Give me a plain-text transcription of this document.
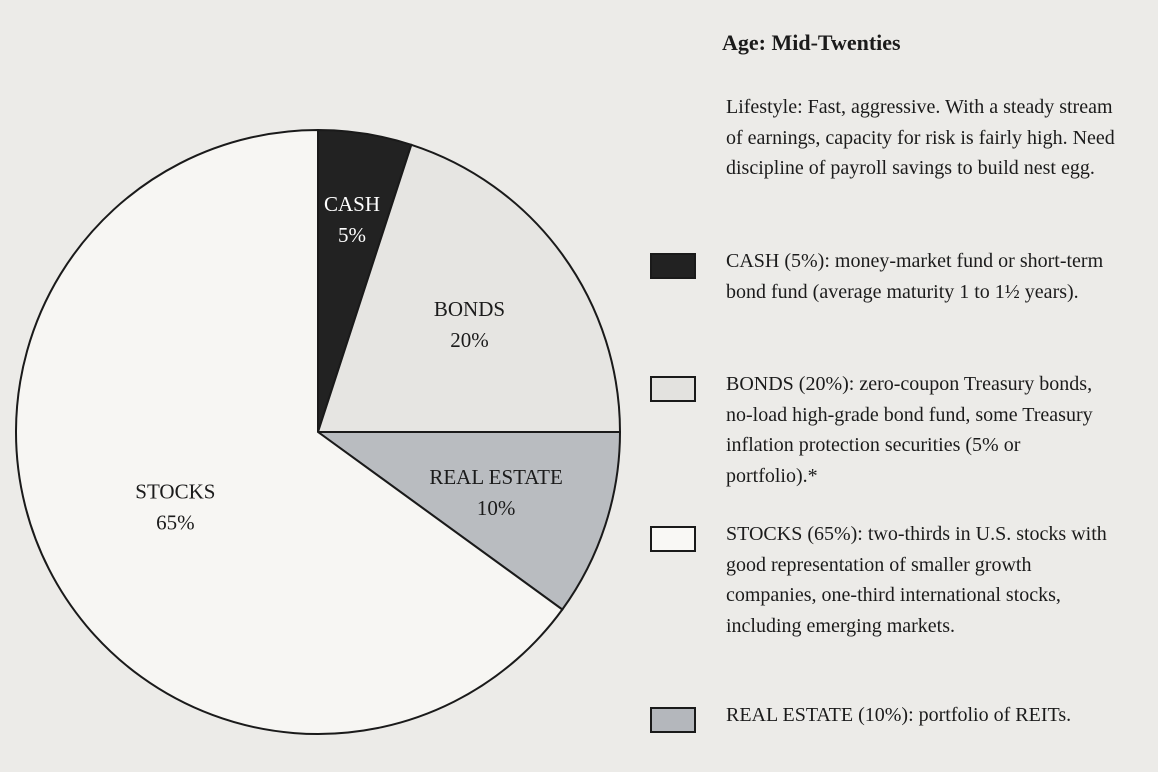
CASH
5%
BONDS
20%
REAL ESTATE
10%
STOCKS
65%
Age: Mid-Twenties
Lifestyle: Fast, aggressive. With a steady stream of earnings, capacity for risk is fairly high. Need discipline of payroll savings to build nest egg.
CASH (5%): money-market fund or short-term bond fund (average maturity 1 to 1½ years).
BONDS (20%): zero-coupon Treasury bonds, no-load high-grade bond fund, some Treasury inflation protection securities (5% or portfolio).*
STOCKS (65%): two-thirds in U.S. stocks with good representation of smaller growth companies, one-third international stocks, including emerging markets.
REAL ESTATE (10%): portfolio of REITs.
